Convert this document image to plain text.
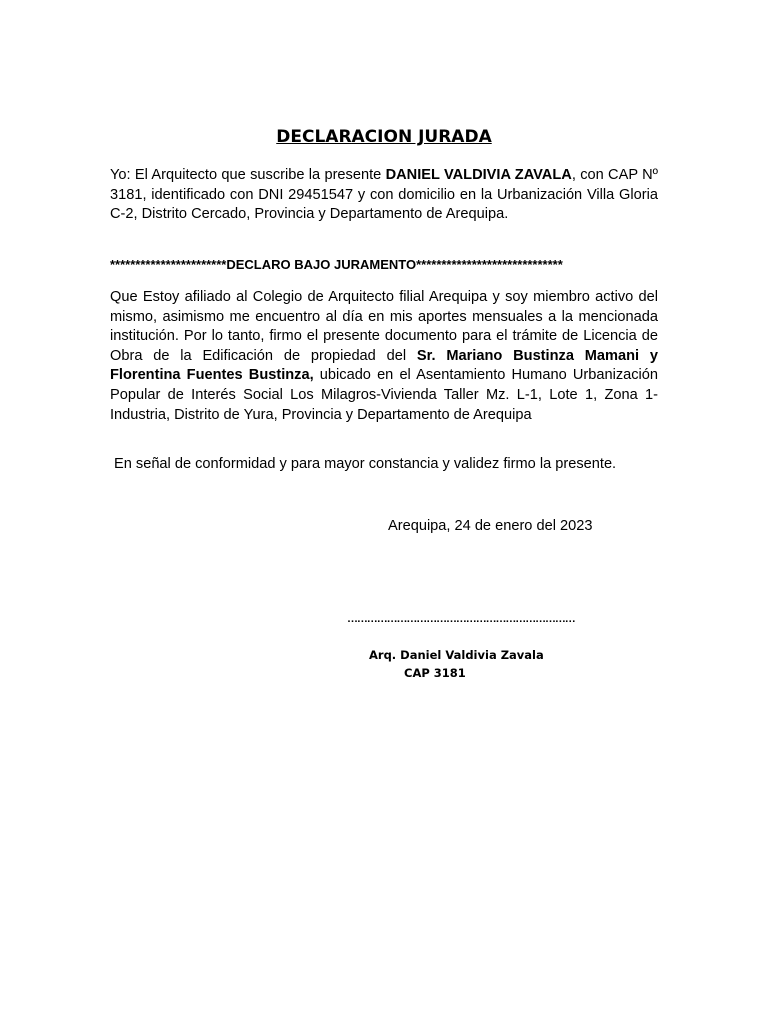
DECLARACION JURADA
Yo: El Arquitecto que suscribe la presente DANIEL VALDIVIA ZAVALA, con CAP Nº 3181, identificado con DNI 29451547 y con domicilio en la Urbanización Villa Gloria C-2, Distrito Cercado, Provincia y Departamento de Arequipa.
***********************DECLARO BAJO JURAMENTO*****************************
Que Estoy afiliado al Colegio de Arquitecto filial Arequipa y soy miembro activo del mismo, asimismo me encuentro al día en mis aportes mensuales a la mencionada institución. Por lo tanto, firmo el presente documento para el trámite de Licencia de Obra de la Edificación de propiedad del Sr. Mariano Bustinza Mamani y Florentina Fuentes Bustinza, ubicado en el Asentamiento Humano Urbanización Popular de Interés Social Los Milagros-Vivienda Taller Mz. L-1, Lote 1, Zona 1-Industria, Distrito de Yura, Provincia y Departamento de Arequipa
En señal de conformidad y para mayor constancia y validez firmo la presente.
Arequipa, 24 de enero del 2023
……………………………………………………………
Arq. Daniel Valdivia Zavala
CAP 3181
